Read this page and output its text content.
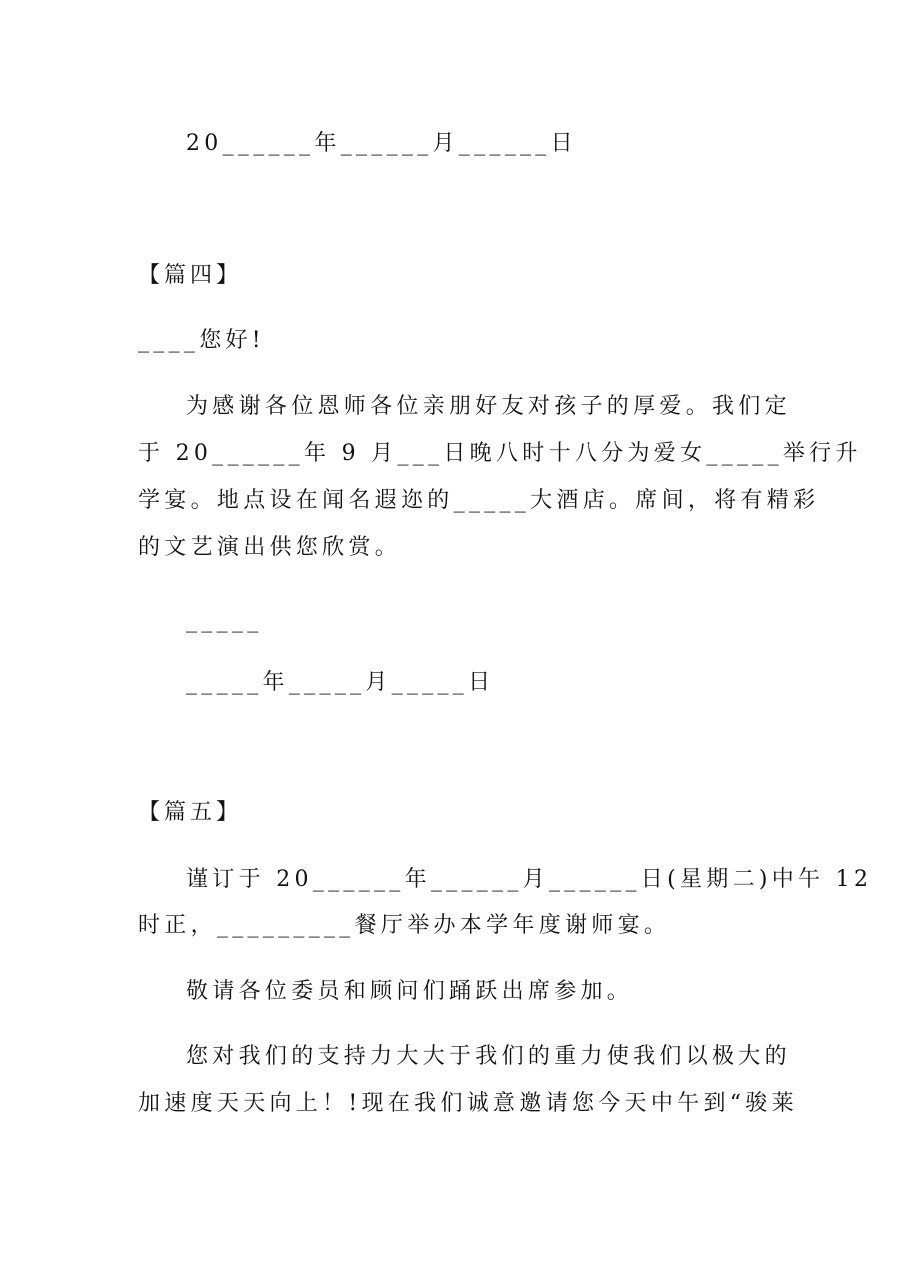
20______年______月______日
【篇四】
____您好!
为感谢各位恩师各位亲朋好友对孩子的厚爱。我们定
于 20______年 9 月___日晚八时十八分为爱女_____举行升
学宴。地点设在闻名遐迩的_____大酒店。席间，将有精彩
的文艺演出供您欣赏。
_____
_____年_____月_____日
【篇五】
谨订于 20______年______月______日(星期二)中午 12
时正，_________餐厅举办本学年度谢师宴。
敬请各位委员和顾问们踊跃出席参加。
您对我们的支持力大大于我们的重力使我们以极大的
加速度天天向上！!现在我们诚意邀请您今天中午到“骏莱
